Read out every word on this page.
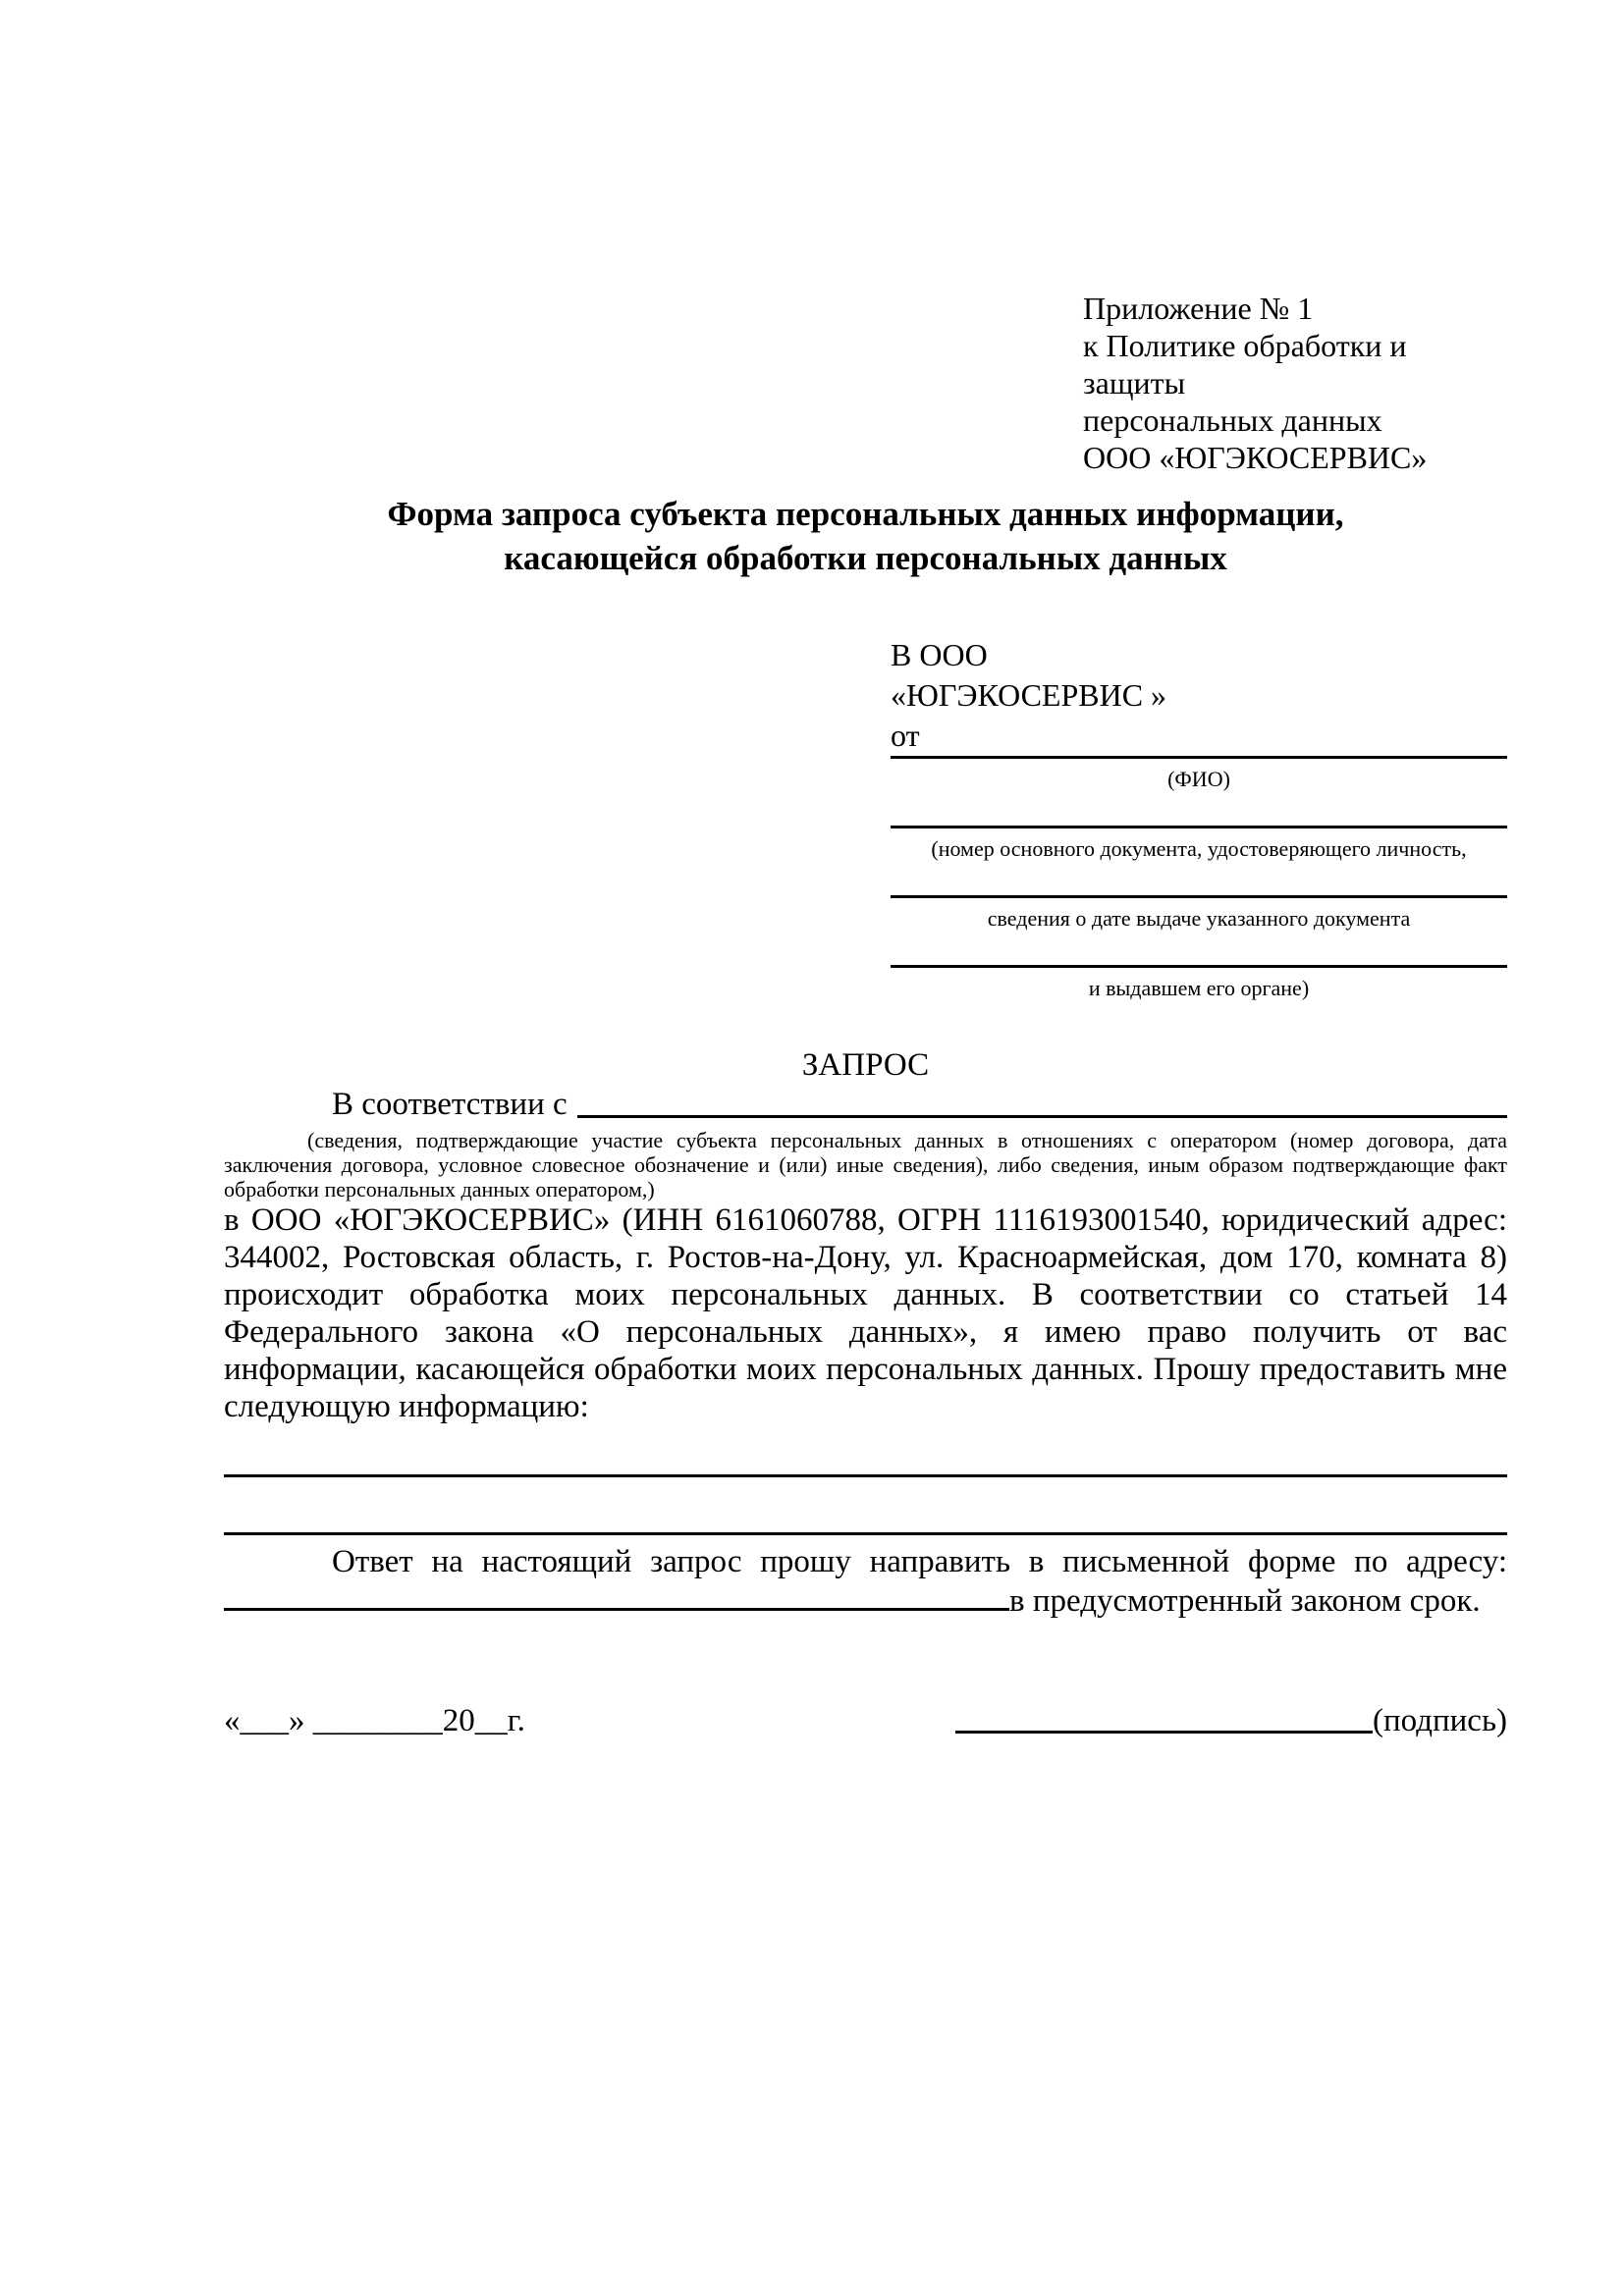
Приложение № 1
к Политике обработки и защиты
персональных данных
ООО «ЮГЭКОСЕРВИС»
Форма запроса субъекта персональных данных информации,
касающейся обработки персональных данных
В ООО
«ЮГЭКОСЕРВИС »
от
(ФИО)
(номер основного документа, удостоверяющего личность,
сведения о дате выдаче указанного документа
и выдавшем его органе)
ЗАПРОС
В соответствии с
(сведения, подтверждающие участие субъекта персональных данных в отношениях с оператором (номер договора, дата заключения договора, условное словесное обозначение и (или) иные сведения), либо сведения, иным образом подтверждающие факт обработки персональных данных оператором,)

в ООО «ЮГЭКОСЕРВИС» (ИНН 6161060788, ОГРН 1116193001540, юридический адрес: 344002, Ростовская область, г. Ростов-на-Дону, ул. Красноармейская, дом 170, комната 8) происходит обработка моих персональных данных. В соответствии со статьей 14 Федерального закона «О персональных данных», я имею право получить от вас информации, касающейся обработки моих персональных данных. Прошу предоставить мне следующую информацию:

Ответ на настоящий запрос прошу направить в письменной форме по адресу: в предусмотренный законом срок.

«___» ________20__г.	(подпись)
